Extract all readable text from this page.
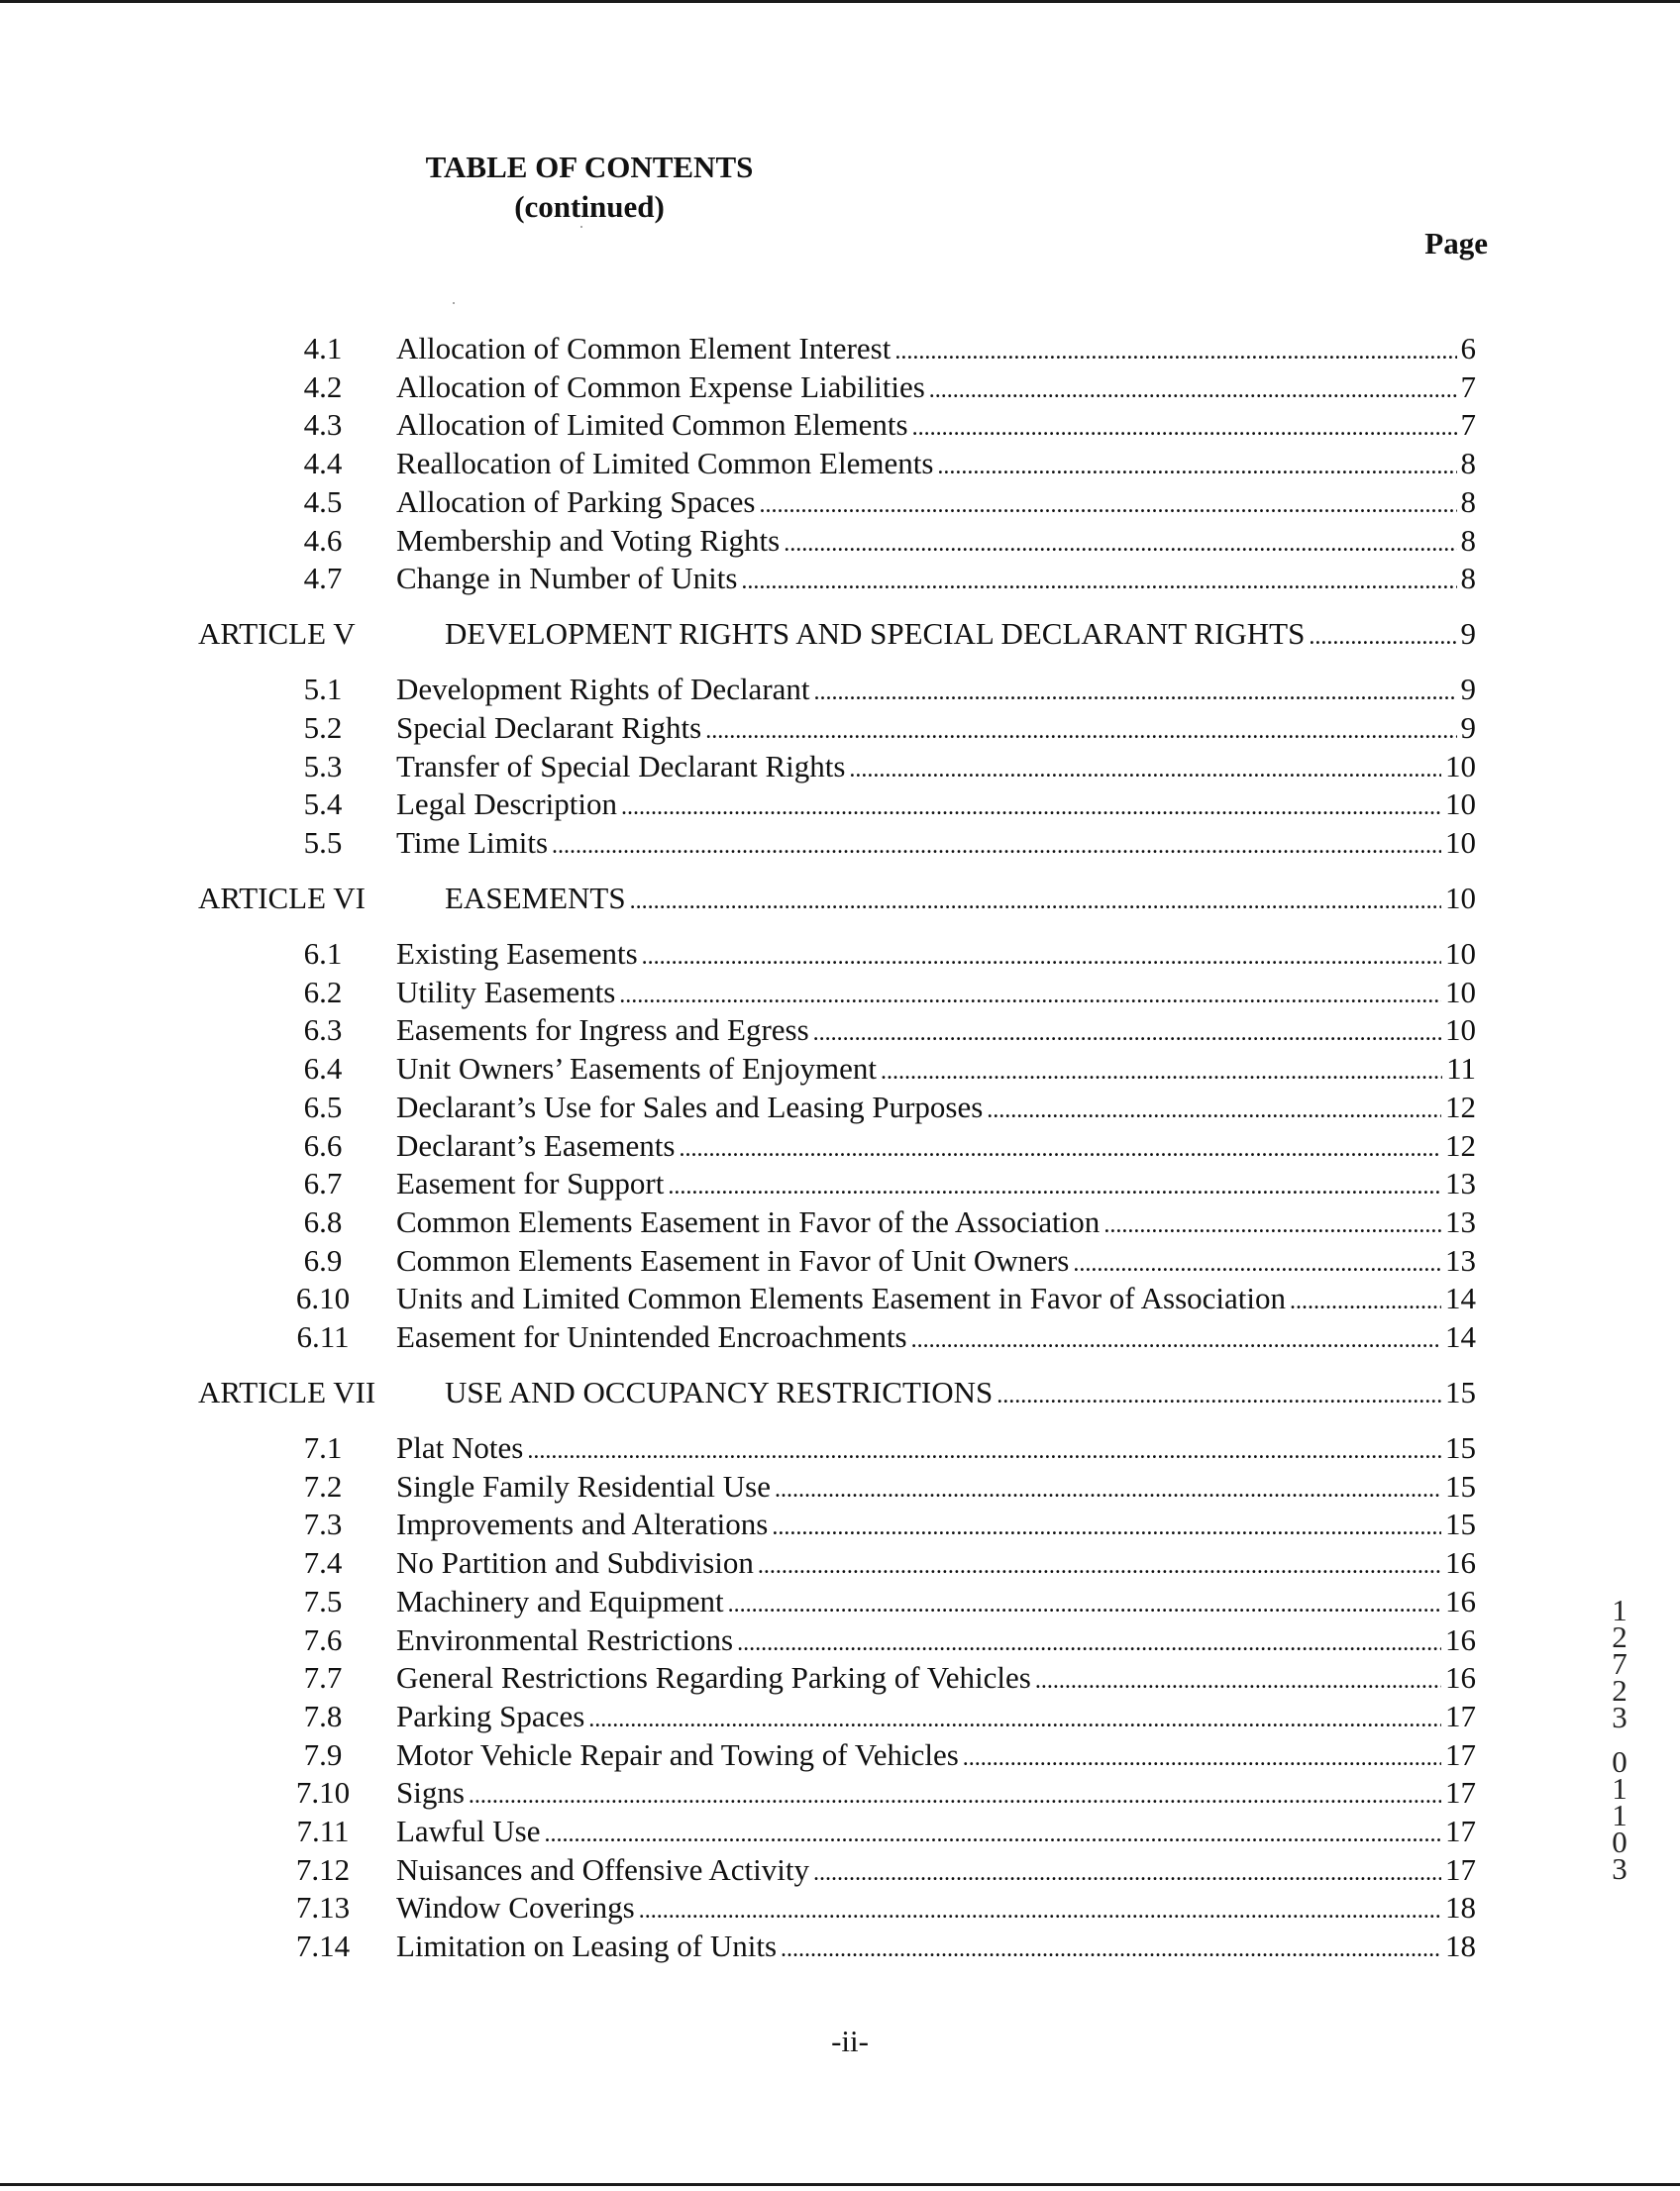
TABLE OF CONTENTS
(continued)
Page
4.1	Allocation of Common Element Interest . . .	6
4.2	Allocation of Common Expense Liabilities . . .	7
4.3	Allocation of Limited Common Elements . . .	7
4.4	Reallocation of Limited Common Elements . . .	8
4.5	Allocation of Parking Spaces . . .	8
4.6	Membership and Voting Rights . . .	8
4.7	Change in Number of Units . . .	8
ARTICLE V	DEVELOPMENT RIGHTS AND SPECIAL DECLARANT RIGHTS . . .	9
5.1	Development Rights of Declarant . . .	9
5.2	Special Declarant Rights . . .	9
5.3	Transfer of Special Declarant Rights . . .	10
5.4	Legal Description . . .	10
5.5	Time Limits . . .	10
ARTICLE VI	EASEMENTS . . .	10
6.1	Existing Easements . . .	10
6.2	Utility Easements . . .	10
6.3	Easements for Ingress and Egress . . .	10
6.4	Unit Owners’ Easements of Enjoyment . . .	11
6.5	Declarant’s Use for Sales and Leasing Purposes . . .	12
6.6	Declarant’s Easements . . .	12
6.7	Easement for Support . . .	13
6.8	Common Elements Easement in Favor of the Association . . .	13
6.9	Common Elements Easement in Favor of Unit Owners . . .	13
6.10	Units and Limited Common Elements Easement in Favor of Association . . .	14
6.11	Easement for Unintended Encroachments . . .	14
ARTICLE VII	USE AND OCCUPANCY RESTRICTIONS . . .	15
7.1	Plat Notes . . .	15
7.2	Single Family Residential Use . . .	15
7.3	Improvements and Alterations . . .	15
7.4	No Partition and Subdivision . . .	16
7.5	Machinery and Equipment . . .	16
7.6	Environmental Restrictions . . .	16
7.7	General Restrictions Regarding Parking of Vehicles . . .	16
7.8	Parking Spaces . . .	17
7.9	Motor Vehicle Repair and Towing of Vehicles . . .	17
7.10	Signs . . .	17
7.11	Lawful Use . . .	17
7.12	Nuisances and Offensive Activity . . .	17
7.13	Window Coverings . . .	18
7.14	Limitation on Leasing of Units . . .	18
-ii-
1
2
7
2
3
0
1
1
0
3
